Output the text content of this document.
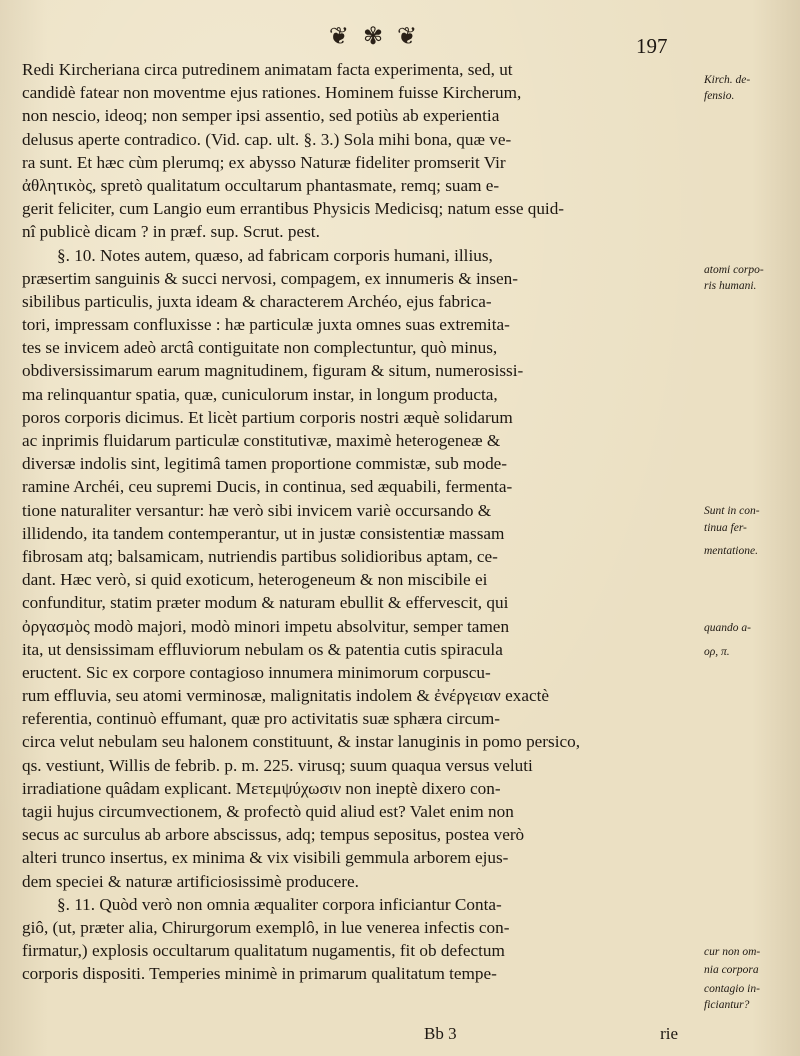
❦ ✾ ❦	197
Redi Kircheriana circa putredinem animatam facta experimenta, sed, ut
candidè fatear non moventme ejus rationes. Hominem fuisse Kircherum,
non nescio, ideoq; non semper ipsi assentio, sed potiùs ab experientia
delusus aperte contradico. (Vid. cap. ult. §. 3.) Sola mihi bona, quæ ve-
ra sunt. Et hæc cùm plerumq; ex abysso Naturæ fideliter promserit Vir
ἀθλητικὸς, spretò qualitatum occultarum phantasmate, remq; suam e-
gerit feliciter, cum Langio eum errantibus Physicis Medicisq; natum esse quid-
nî publicè dicam ? in præf. sup. Scrut. pest.
§. 10. Notes autem, quæso, ad fabricam corporis humani, illius,
præsertim sanguinis & succi nervosi, compagem, ex innumeris & insen-
sibilibus particulis, juxta ideam & characterem Archéo, ejus fabrica-
tori, impressam confluxisse : hæ particulæ juxta omnes suas extremita-
tes se invicem adeò arctâ contiguitate non complectuntur, quò minus,
obdiversissimarum earum magnitudinem, figuram & situm, numerosissi-
ma relinquantur spatia, quæ, cuniculorum instar, in longum producta,
poros corporis dicimus. Et licèt partium corporis nostri æquè solidarum
ac inprimis fluidarum particulæ constitutivæ, maximè heterogeneæ &
diversæ indolis sint, legitimâ tamen proportione commistæ, sub mode-
ramine Archéi, ceu supremi Ducis, in continua, sed æquabili, fermenta-
tione naturaliter versantur: hæ verò sibi invicem variè occursando &
illidendo, ita tandem contemperantur, ut in justæ consistentiæ massam
fibrosam atq; balsamicam, nutriendis partibus solidioribus aptam, ce-
dant. Hæc verò, si quid exoticum, heterogeneum & non miscibile ei
confunditur, statim præter modum & naturam ebullit & effervescit, qui
ὀργασμὸς modò majori, modò minori impetu absolvitur, semper tamen
ita, ut densissimam effluviorum nebulam os & patentia cutis spiracula
eructent. Sic ex corpore contagioso innumera minimorum corpuscu-
rum effluvia, seu atomi verminosæ, malignitatis indolem & ἐνέργειαν exactè
referentia, continuò effumant, quæ pro activitatis suæ sphæra circum-
circa velut nebulam seu halonem constituunt, & instar lanuginis in pomo persico,
qs. vestiunt, Willis de febrib. p. m. 225. virusq; suum quaqua versus veluti
irradiatione quâdam explicant. Μετεμψύχωσιν non ineptè dixero con-
tagii hujus circumvectionem, & profectò quid aliud est? Valet enim non
secus ac surculus ab arbore abscissus, adq; tempus sepositus, postea verò
alteri trunco insertus, ex minima & vix visibili gemmula arborem ejus-
dem speciei & naturæ artificiosissimè producere.
§. 11. Quòd verò non omnia æqualiter corpora inficiantur Conta-
giô, (ut, præter alia, Chirurgorum exemplô, in lue venerea infectis con-
firmatur,) explosis occultarum qualitatum nugamentis, fit ob defectum
corporis dispositi. Temperies minimè in primarum qualitatum tempe-
Kirch. de-
fensio.
atomi corpo-
ris humani.
Sunt in con-
tinua fer-
mentatione.
quando a-
ορ, π.
cur non om-
nia corpora
contagio in-
ficiantur?
Bb 3	rie
